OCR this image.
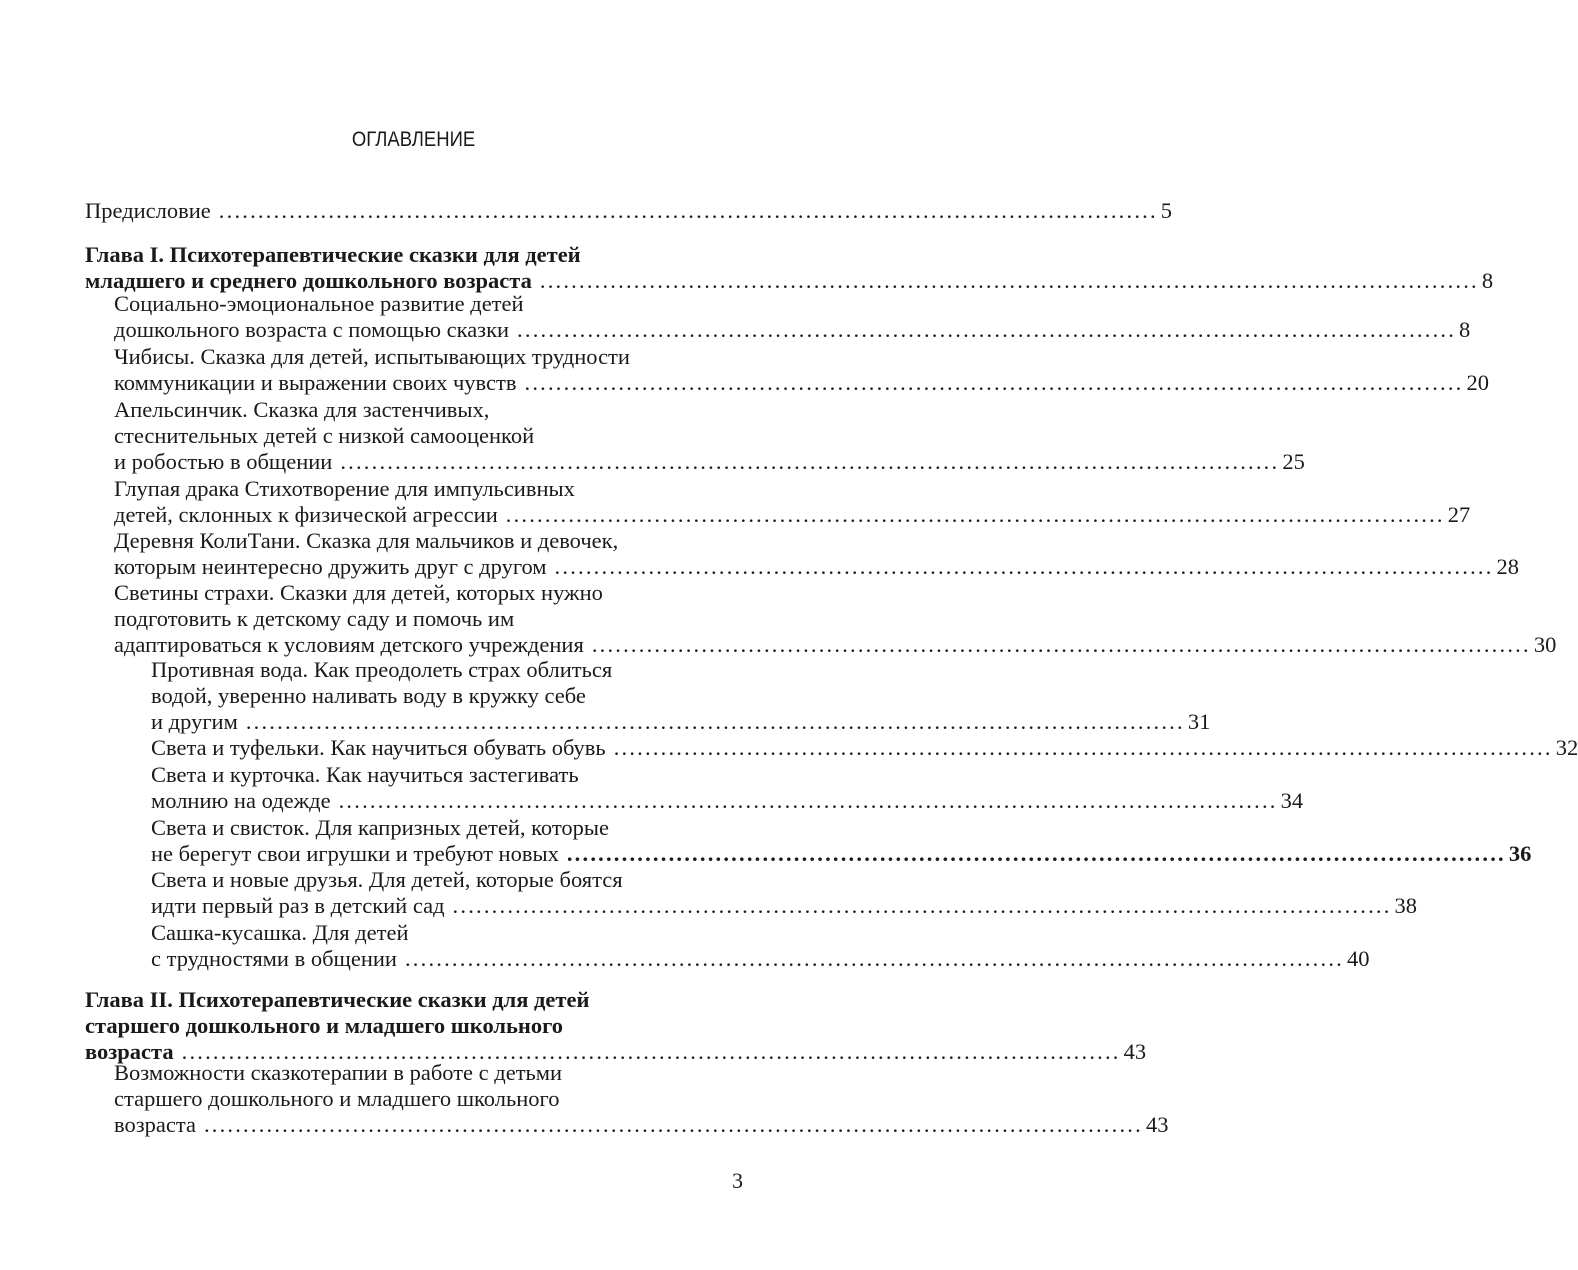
ОГЛАВЛЕНИЕ
Предисловие ........................................................................................................................ 5
Глава I. Психотерапевтические сказки для детей
младшего и среднего дошкольного возраста ........................................................................................................................ 8
Социально-эмоциональное развитие детей
дошкольного возраста с помощью сказки ........................................................................................................................ 8
Чибисы. Сказка для детей, испытывающих трудности
коммуникации и выражении своих чувств ........................................................................................................................ 20
Апельсинчик. Сказка для застенчивых,
стеснительных детей с низкой самооценкой
и робостью в общении ........................................................................................................................ 25
Глупая драка Стихотворение для импульсивных
детей, склонных к физической агрессии ........................................................................................................................ 27
Деревня КолиТани. Сказка для мальчиков и девочек,
которым неинтересно дружить друг с другом ........................................................................................................................ 28
Светины страхи. Сказки для детей, которых нужно
подготовить к детскому саду и помочь им
адаптироваться к условиям детского учреждения ........................................................................................................................ 30
Противная вода. Как преодолеть страх облиться
водой, уверенно наливать воду в кружку себе
и другим ........................................................................................................................ 31
Света и туфельки. Как научиться обувать обувь ........................................................................................................................ 32
Света и курточка. Как научиться застегивать
молнию на одежде ........................................................................................................................ 34
Света и свисток. Для капризных детей, которые
не берегут свои игрушки и требуют новых ........................................................................................................................ 36
Света и новые друзья. Для детей, которые боятся
идти первый раз в детский сад ........................................................................................................................ 38
Сашка-кусашка. Для детей
с трудностями в общении ........................................................................................................................ 40
Глава II. Психотерапевтические сказки для детей
старшего дошкольного и младшего школьного
возраста ........................................................................................................................ 43
Возможности сказкотерапии в работе с детьми
старшего дошкольного и младшего школьного
возраста ........................................................................................................................ 43
3
